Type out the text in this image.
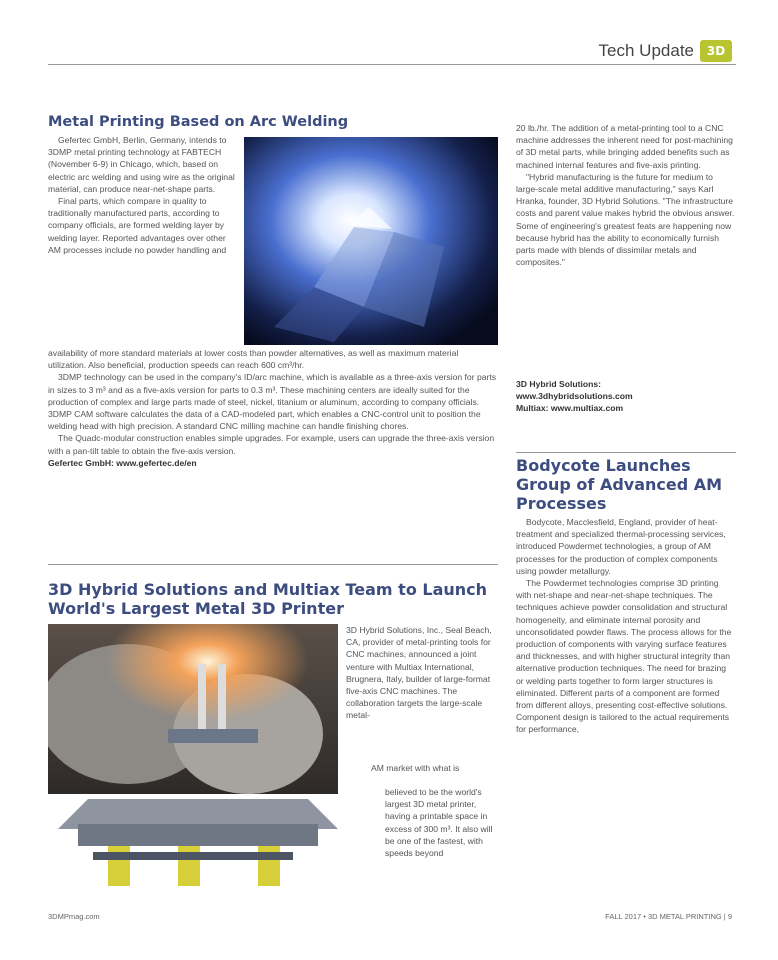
Tech Update	3D
Metal Printing Based on Arc Welding

Gefertec GmbH, Berlin, Germany, intends to 3DMP metal printing technology at FABTECH (November 6-9) in Chicago, which, based on electric arc welding and using wire as the original material, can produce near-net-shape parts.

Final parts, which compare in quality to traditionally manufactured parts, according to company officials, are formed welding layer by welding layer. Reported advantages over other AM processes include no powder handling and

availability of more standard materials at lower costs than powder alternatives, as well as maximum material utilization. Also beneficial, production speeds can reach 600 cm³/hr.

3DMP technology can be used in the company's ID/arc machine, which is available as a three-axis version for parts in sizes to 3 m³ and as a five-axis version for parts to 0.3 m³. These machining centers are ideally suited for the production of complex and large parts made of steel, nickel, titanium or aluminum, according to company officials. 3DMP CAM software calculates the data of a CAD-modeled part, which enables a CNC-control unit to position the welding head with high precision. A standard CNC milling machine can handle finishing chores.

The Quadc-modular construction enables simple upgrades. For example, users can upgrade the three-axis version with a pan-tilt table to obtain the five-axis version.

Gefertec GmbH: www.gefertec.de/en

3D Hybrid Solutions and Multiax Team to Launch World's Largest Metal 3D Printer
3D Hybrid Solutions, Inc., Seal Beach, CA, provider of metal-printing tools for CNC machines, announced a joint venture with Multiax International, Brugnera, Italy, builder of large-format five-axis CNC machines. The collaboration targets the large-scale metal-
AM market with what is
believed to be the world's largest 3D metal printer, having a printable space in excess of 300 m³. It also will be one of the fastest, with speeds beyond

20 lb./hr. The addition of a metal-printing tool to a CNC machine addresses the inherent need for post-machining of 3D metal parts, while bringing added benefits such as machined internal features and five-axis printing.

"Hybrid manufacturing is the future for medium to large-scale metal additive manufacturing," says Karl Hranka, founder, 3D Hybrid Solutions. "The infrastructure costs and parent value makes hybrid the obvious answer. Some of engineering's greatest feats are happening now because hybrid has the ability to economically furnish parts made with blends of dissimilar metals and composites."

3D Hybrid Solutions:

www.3dhybridsolutions.com

Multiax: www.multiax.com

Bodycote Launches Group of Advanced AM Processes

Bodycote, Macclesfield, England, provider of heat-treatment and specialized thermal-processing services, introduced Powdermet technologies, a group of AM processes for the production of complex components using powder metallurgy.

The Powdermet technologies comprise 3D printing with net-shape and near-net-shape techniques. The techniques achieve powder consolidation and structural homogeneity, and eliminate internal porosity and unconsolidated powder flaws. The process allows for the production of components with varying surface features and thicknesses, and with higher structural integrity than alternative production techniques. The need for brazing or welding parts together to form larger structures is eliminated. Different parts of a component are formed from different alloys, presenting cost-effective solutions. Component design is tailored to the actual requirements for performance,

3DMPmag.com	FALL 2017 • 3D METAL PRINTING | 9
